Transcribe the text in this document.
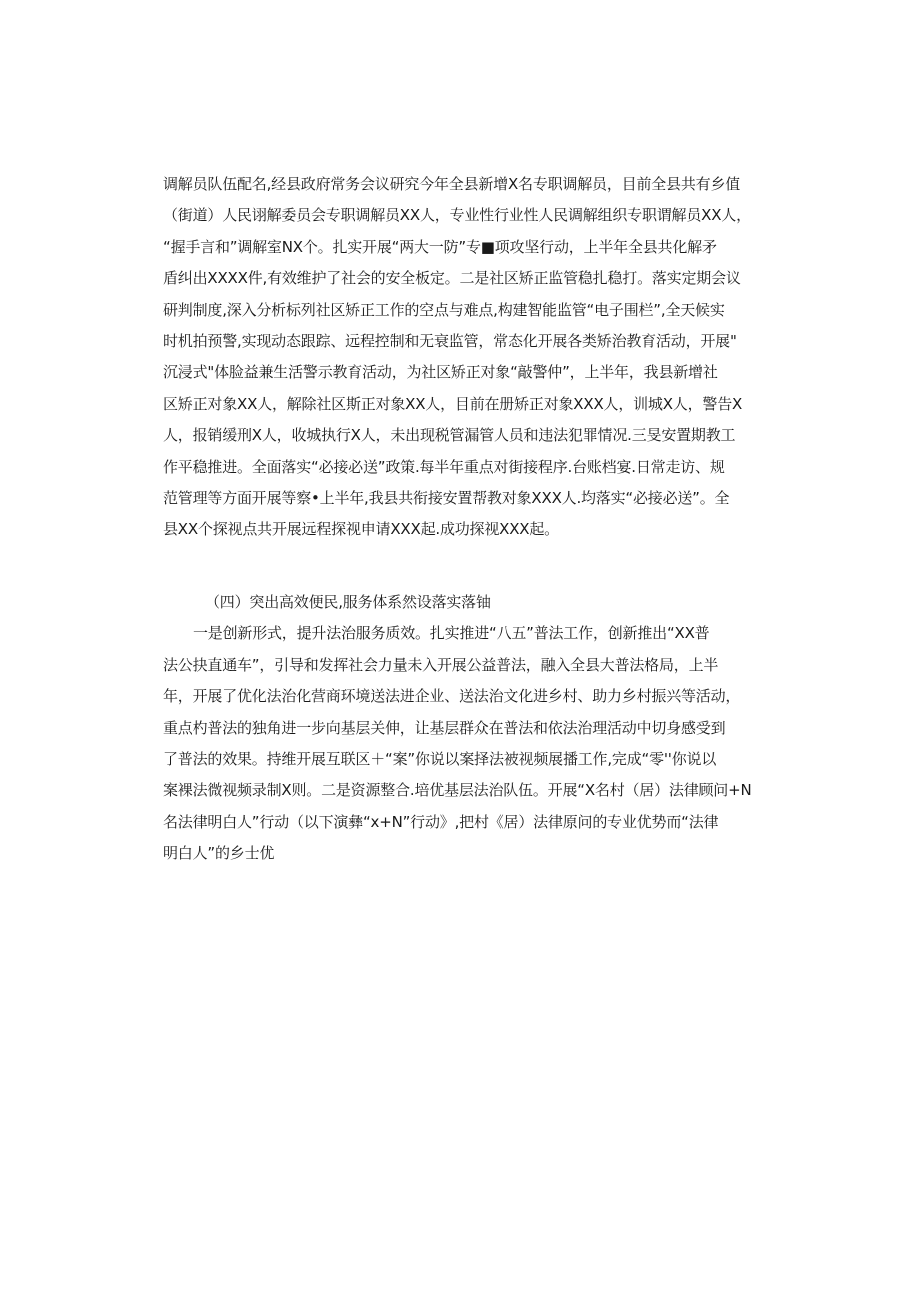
调解员队伍配名,经县政府常务会议研究今年全县新增X名专职调解员，目前全县共有乡值
（街道）人民诩解委员会专职调解员XX人，专业性行业性人民调解组织专职谓解员XX人，
“握手言和”调解室NX个。扎实开展“两大一防”专■项攻坚行动，上半年全县共化解矛
盾纠出XXXX件,有效维护了社会的安全板定。二是社区矫正监管稳扎稳打。落实定期会议
研判制度,深入分析标列社区矫正工作的空点与难点,构建智能监管“电子围栏”,全天候实
时机拍预警,实现动态跟踪、远程控制和无衰监管，常态化开展各类矫治教育活动，开展"
沉浸式"体脸益兼生活警示教育活动，为社区矫正对象“敲警仲”，上半年，我县新增社
区矫正对象XX人，解除社区斯正对象XX人，目前在册矫正对象XXX人，训城X人，警告X
人，报销缓刑X人，收城执行X人，未出现税管漏管人员和违法犯罪情况.三旻安置期教工
作平稳推进。全面落实“必接必送”政策.每半年重点对街接程序.台账档宴.日常走访、规
范管理等方面开展等察•上半年,我县共衔接安置帮教对象XXX人.均落实“必接必送”。全
县XX个探视点共开展远程探视申请XXX起.成功探视XXX起。
（四）突出高效便民,服务体系然设落实落铀
一是创新形式，提升法治服务质效。扎实推进“八五”普法工作，创新推出“XX普
法公抉直通车”，引导和发挥社会力量未入开展公益普法，融入全县大普法格局，上半
年，开展了优化法治化营商环境送法进企业、送法治文化进乡村、助力乡村振兴等活动，
重点杓普法的独角进一步向基层关伸，让基层群众在普法和依法治理活动中切身感受到
了普法的效果。持维开展互联区＋“案”你说以案择法被视频展播工作,完成“零''你说以
案裸法微视频录制X则。二是资源整合.培优基层法治队伍。开展“X名村（居）法律顾问+N
名法律明白人”行动（以下演彝“x+N”行动》,把村《居）法律原问的专业优势而“法律
明白人”的乡士优
